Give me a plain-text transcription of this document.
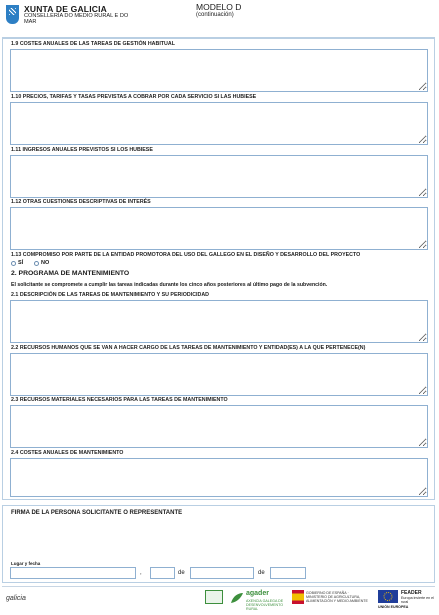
XUNTA DE GALICIA
CONSELLERÍA DO MEDIO RURAL E DO MAR
MODELO D
(continuación)
1.9 COSTES ANUALES DE LAS TAREAS DE GESTIÓN HABITUAL
1.10 PRECIOS, TARIFAS Y TASAS PREVISTAS A COBRAR POR CADA SERVICIO SI LAS HUBIESE
1.11 INGRESOS ANUALES PREVISTOS SI LOS HUBIESE
1.12 OTRAS CUESTIONES DESCRIPTIVAS DE INTERÉS
1.13 COMPROMISO POR PARTE DE LA ENTIDAD PROMOTORA DEL USO DEL GALLEGO EN EL DISEÑO Y DESARROLLO DEL PROYECTO
SÍ	NO
2. PROGRAMA DE MANTENIMIENTO
El solicitante se compromete a cumplir las tareas indicadas durante los cinco años posteriores al último pago de la subvención.
2.1 DESCRIPCIÓN DE LAS TAREAS DE MANTENIMIENTO Y SU PERIODICIDAD
2.2 RECURSOS HUMANOS QUE SE VAN A HACER CARGO DE LAS TAREAS DE MANTENIMIENTO Y ENTIDAD(ES) A LA QUE PERTENECE(N)
2.3 RECURSOS MATERIALES NECESARIOS PARA LAS TAREAS DE MANTENIMIENTO
2.4 COSTES ANUALES DE MANTENIMIENTO
FIRMA DE LA PERSONA SOLICITANTE O REPRESENTANTE
Lugar y fecha
,	de	de
galicia
agader
AXENCIA GALEGA DE DESENVOLVEMENTO RURAL
GOBIERNO DE ESPAÑA · MINISTERIO DE AGRICULTURA, ALIMENTACIÓN Y MEDIO AMBIENTE
FEADER
Europa invierte en el rural
UNIÓN EUROPEA
